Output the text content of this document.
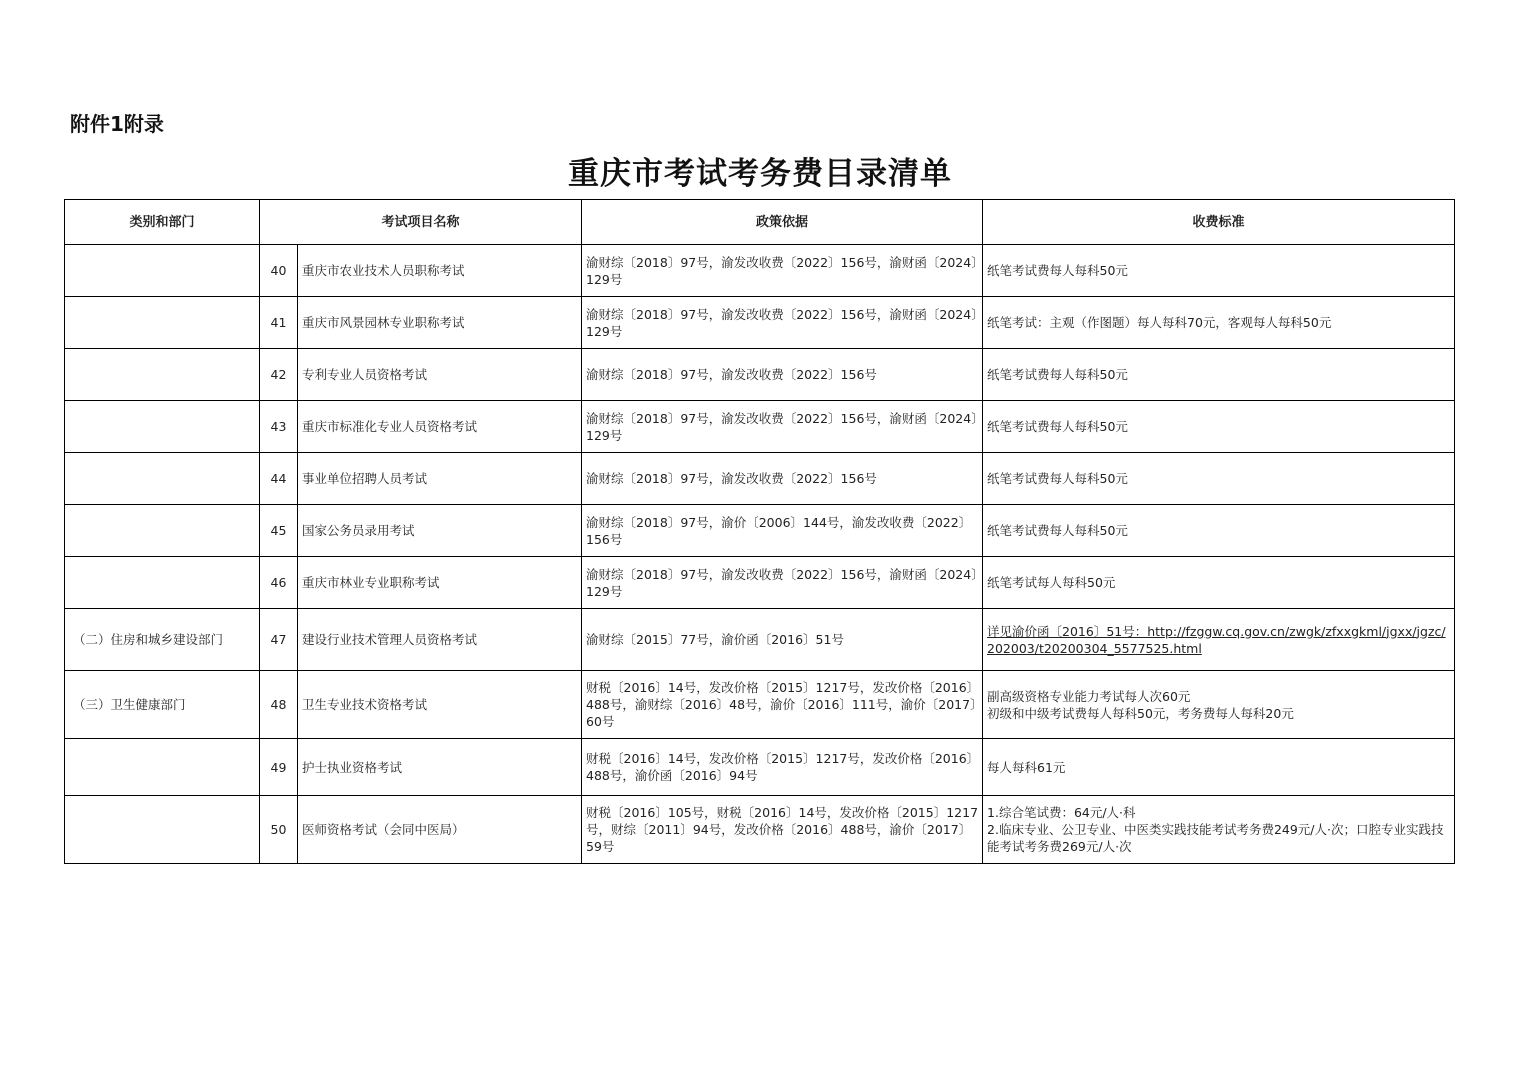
附件1附录
重庆市考试考务费目录清单
类别和部门	考试项目名称		政策依据	收费标准
	40	重庆市农业技术人员职称考试	渝财综〔2018〕97号，渝发改收费〔2022〕156号，渝财函〔2024〕129号	纸笔考试费每人每科50元
	41	重庆市风景园林专业职称考试	渝财综〔2018〕97号，渝发改收费〔2022〕156号，渝财函〔2024〕129号	纸笔考试：主观（作图题）每人每科70元，客观每人每科50元
	42	专利专业人员资格考试	渝财综〔2018〕97号，渝发改收费〔2022〕156号	纸笔考试费每人每科50元
	43	重庆市标准化专业人员资格考试	渝财综〔2018〕97号，渝发改收费〔2022〕156号，渝财函〔2024〕129号	纸笔考试费每人每科50元
	44	事业单位招聘人员考试	渝财综〔2018〕97号，渝发改收费〔2022〕156号	纸笔考试费每人每科50元
	45	国家公务员录用考试	渝财综〔2018〕97号，渝价〔2006〕144号，渝发改收费〔2022〕156号	纸笔考试费每人每科50元
	46	重庆市林业专业职称考试	渝财综〔2018〕97号，渝发改收费〔2022〕156号，渝财函〔2024〕129号	纸笔考试每人每科50元
（二）住房和城乡建设部门	47	建设行业技术管理人员资格考试	渝财综〔2015〕77号，渝价函〔2016〕51号	详见渝价函〔2016〕51号：http://fzggw.cq.gov.cn/zwgk/zfxxgkml/jgxx/jgzc/202003/t20200304_5577525.html
（三）卫生健康部门	48	卫生专业技术资格考试	财税〔2016〕14号，发改价格〔2015〕1217号，发改价格〔2016〕488号，渝财综〔2016〕48号，渝价〔2016〕111号，渝价〔2017〕60号	副高级资格专业能力考试每人次60元
初级和中级考试费每人每科50元，考务费每人每科20元
	49	护士执业资格考试	财税〔2016〕14号，发改价格〔2015〕1217号，发改价格〔2016〕488号，渝价函〔2016〕94号	每人每科61元
	50	医师资格考试（会同中医局）	财税〔2016〕105号，财税〔2016〕14号，发改价格〔2015〕1217号，财综〔2011〕94号，发改价格〔2016〕488号，渝价〔2017〕59号	1.综合笔试费：64元/人·科
2.临床专业、公卫专业、中医类实践技能考试考务费249元/人·次；口腔专业实践技能考试考务费269元/人·次
